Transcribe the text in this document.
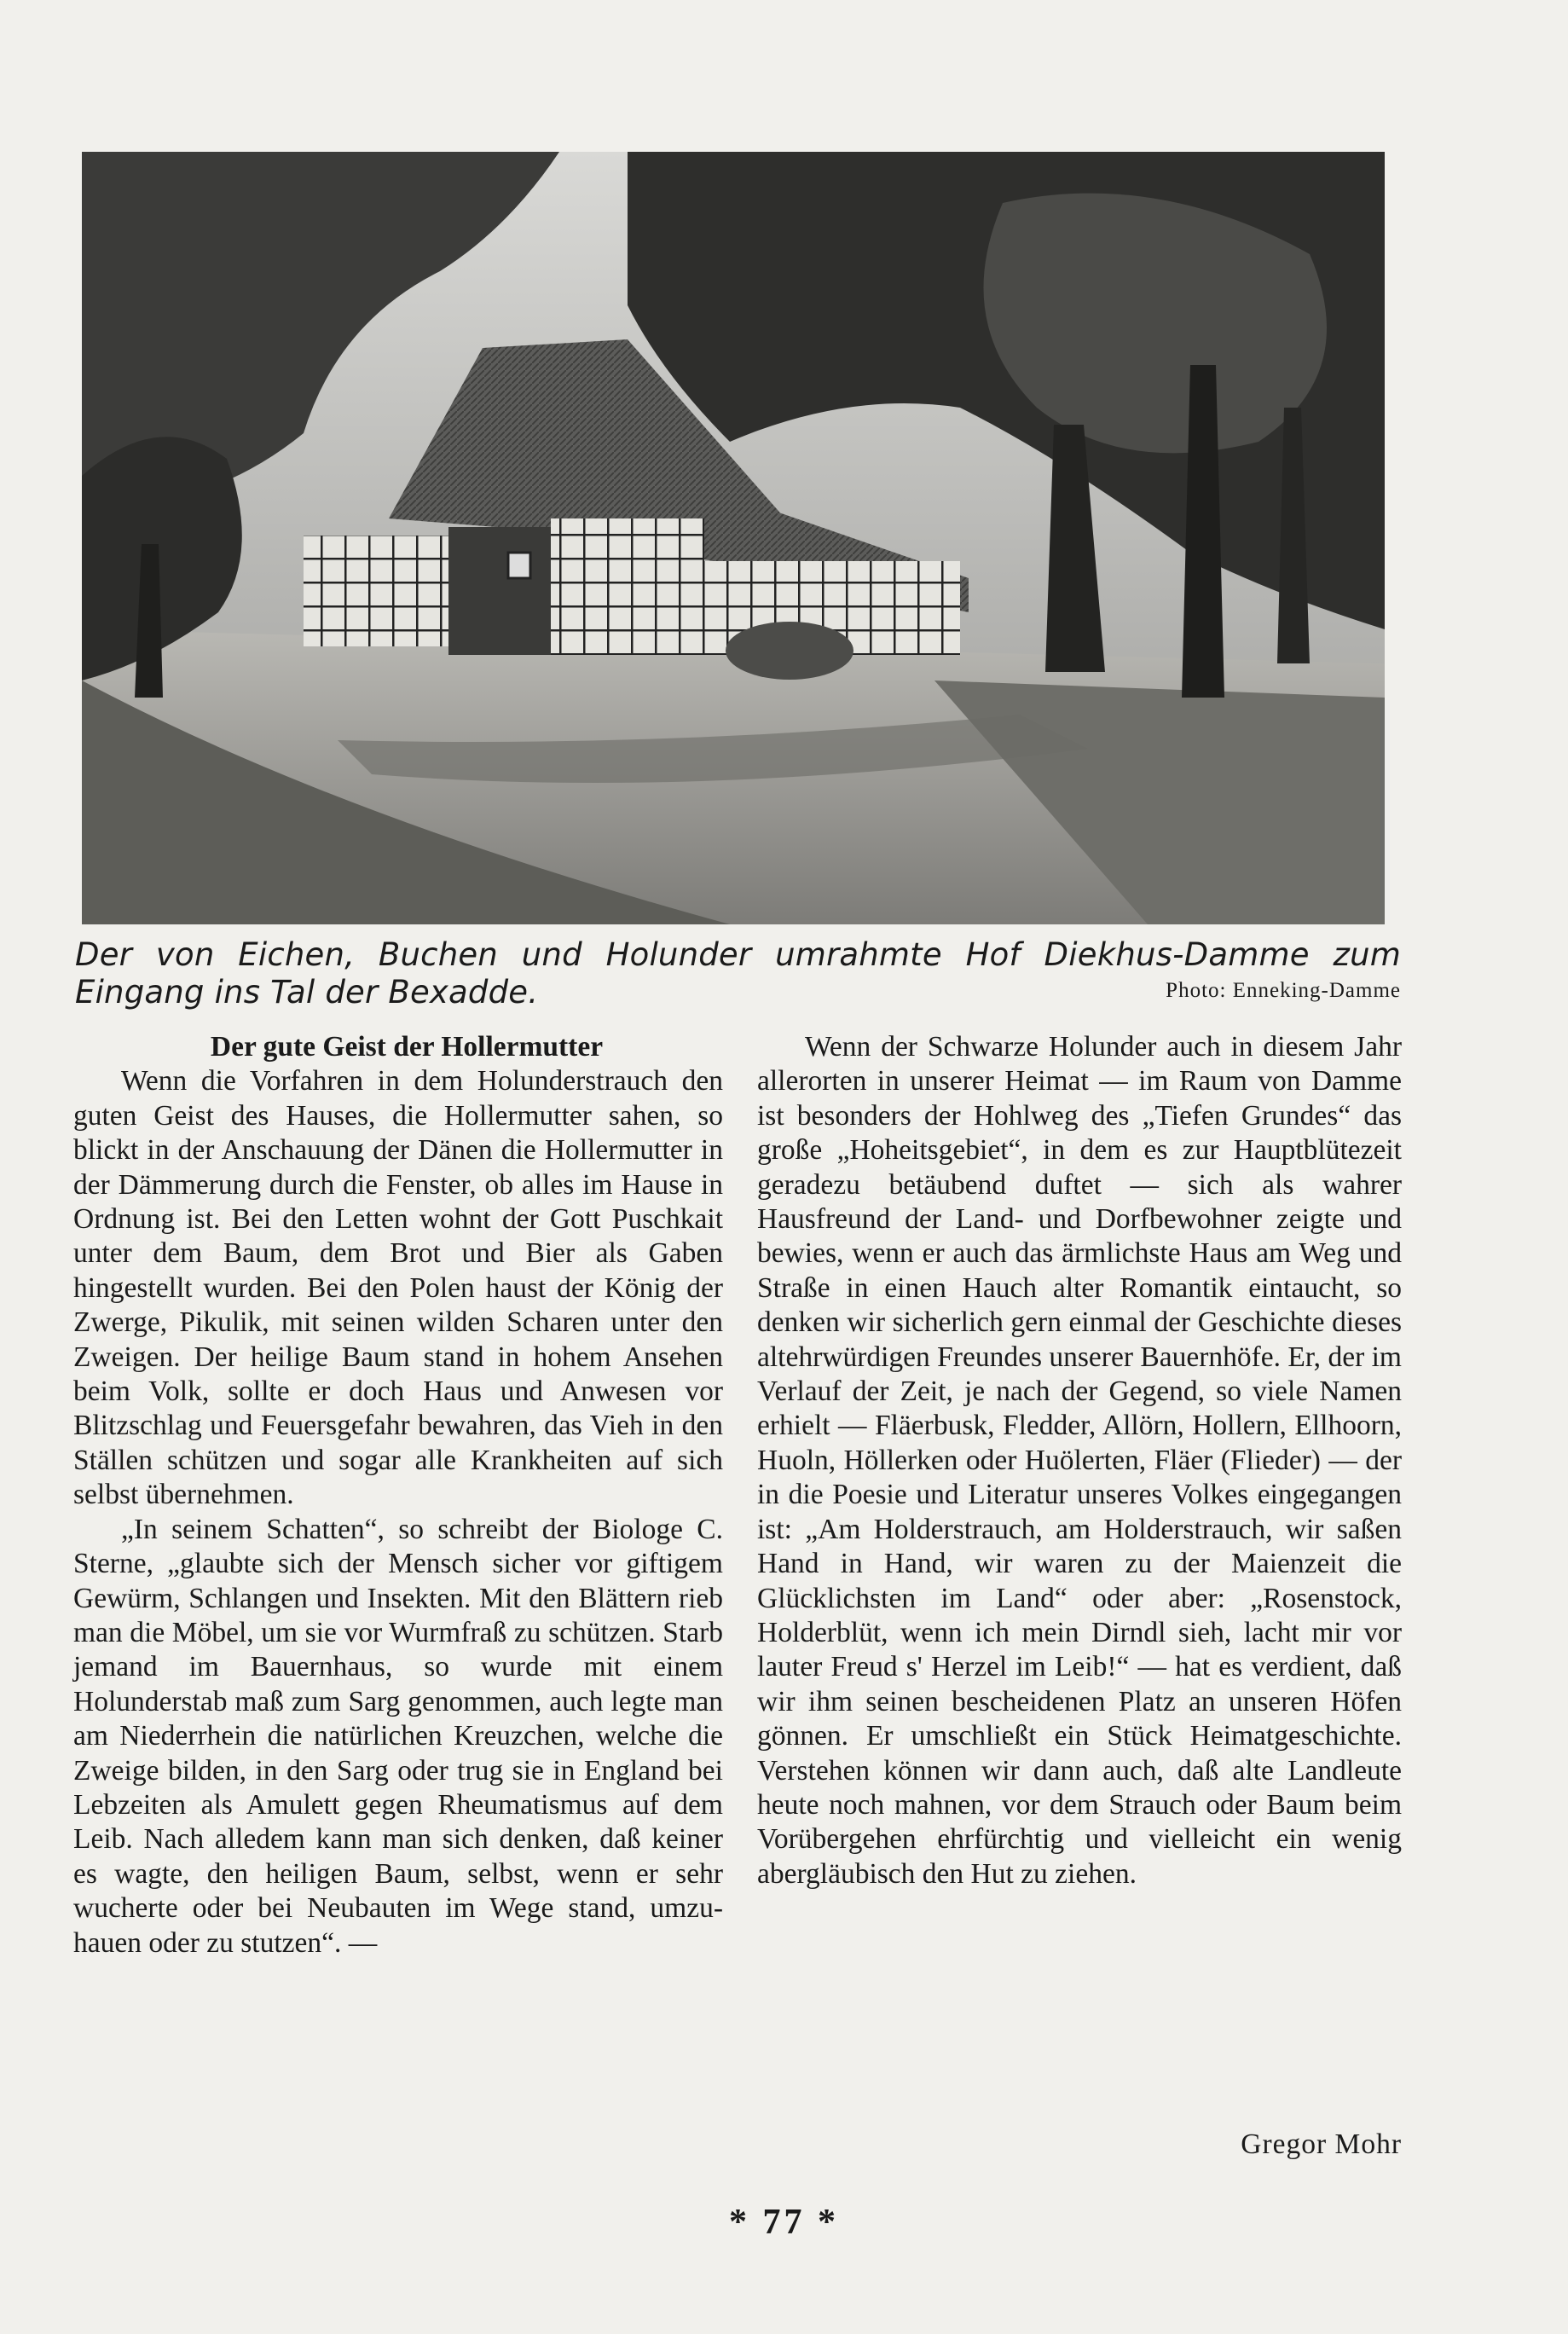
Der von Eichen, Buchen und Holunder umrahmte Hof Diekhus-Damme zum Eingang ins Tal der Bexadde.	Photo: Enneking-Damme
Der gute Geist der Hollermutter

Wenn die Vorfahren in dem Holunderstrauch den guten Geist des Hauses, die Hollermutter sahen, so blickt in der Anschauung der Dänen die Hollermutter in der Dämmerung durch die Fenster, ob alles im Hause in Ordnung ist. Bei den Letten wohnt der Gott Puschkait unter dem Baum, dem Brot und Bier als Gaben hingestellt wurden. Bei den Polen haust der König der Zwerge, Pikulik, mit seinen wilden Scharen unter den Zweigen. Der heilige Baum stand in hohem Ansehen beim Volk, sollte er doch Haus und Anwesen vor Blitzschlag und Feuersgefahr bewahren, das Vieh in den Ställen schützen und sogar alle Krankheiten auf sich selbst übernehmen.

„In seinem Schatten“, so schreibt der Biologe C. Sterne, „glaubte sich der Mensch sicher vor giftigem Gewürm, Schlangen und Insekten. Mit den Blättern rieb man die Möbel, um sie vor Wurmfraß zu schützen. Starb jemand im Bauernhaus, so wurde mit einem Holunderstab maß zum Sarg genommen, auch legte man am Niederrhein die natürlichen Kreuzchen, welche die Zweige bilden, in den Sarg oder trug sie in England bei Lebzeiten als Amulett gegen Rheumatismus auf dem Leib. Nach alledem kann man sich denken, daß keiner es wagte, den heiligen Baum, selbst, wenn er sehr wucherte oder bei Neubauten im Wege stand, umzuhauen oder zu stutzen“. —

Wenn der Schwarze Holunder auch in diesem Jahr allerorten in unserer Heimat — im Raum von Damme ist besonders der Hohlweg des „Tiefen Grundes“ das große „Hoheitsgebiet“, in dem es zur Hauptblütezeit geradezu betäubend duftet — sich als wahrer Hausfreund der Land- und Dorfbewohner zeigte und bewies, wenn er auch das ärmlichste Haus am Weg und Straße in einen Hauch alter Romantik eintaucht, so denken wir sicherlich gern einmal der Geschichte dieses altehrwürdigen Freundes unserer Bauernhöfe. Er, der im Verlauf der Zeit, je nach der Gegend, so viele Namen erhielt — Fläerbusk, Fledder, Allörn, Hollern, Ellhoorn, Huoln, Höllerken oder Huölerten, Fläer (Flieder) — der in die Poesie und Literatur unseres Volkes eingegangen ist: „Am Holderstrauch, am Holderstrauch, wir saßen Hand in Hand, wir waren zu der Maienzeit die Glücklichsten im Land“ oder aber: „Rosenstock, Holderblüt, wenn ich mein Dirndl sieh, lacht mir vor lauter Freud s' Herzel im Leib!“ — hat es verdient, daß wir ihm seinen bescheidenen Platz an unseren Höfen gönnen. Er umschließt ein Stück Heimatgeschichte. Verstehen können wir dann auch, daß alte Landleute heute noch mahnen, vor dem Strauch oder Baum beim Vorübergehen ehrfürchtig und vielleicht ein wenig abergläubisch den Hut zu ziehen.

Gregor Mohr
* 77 *
